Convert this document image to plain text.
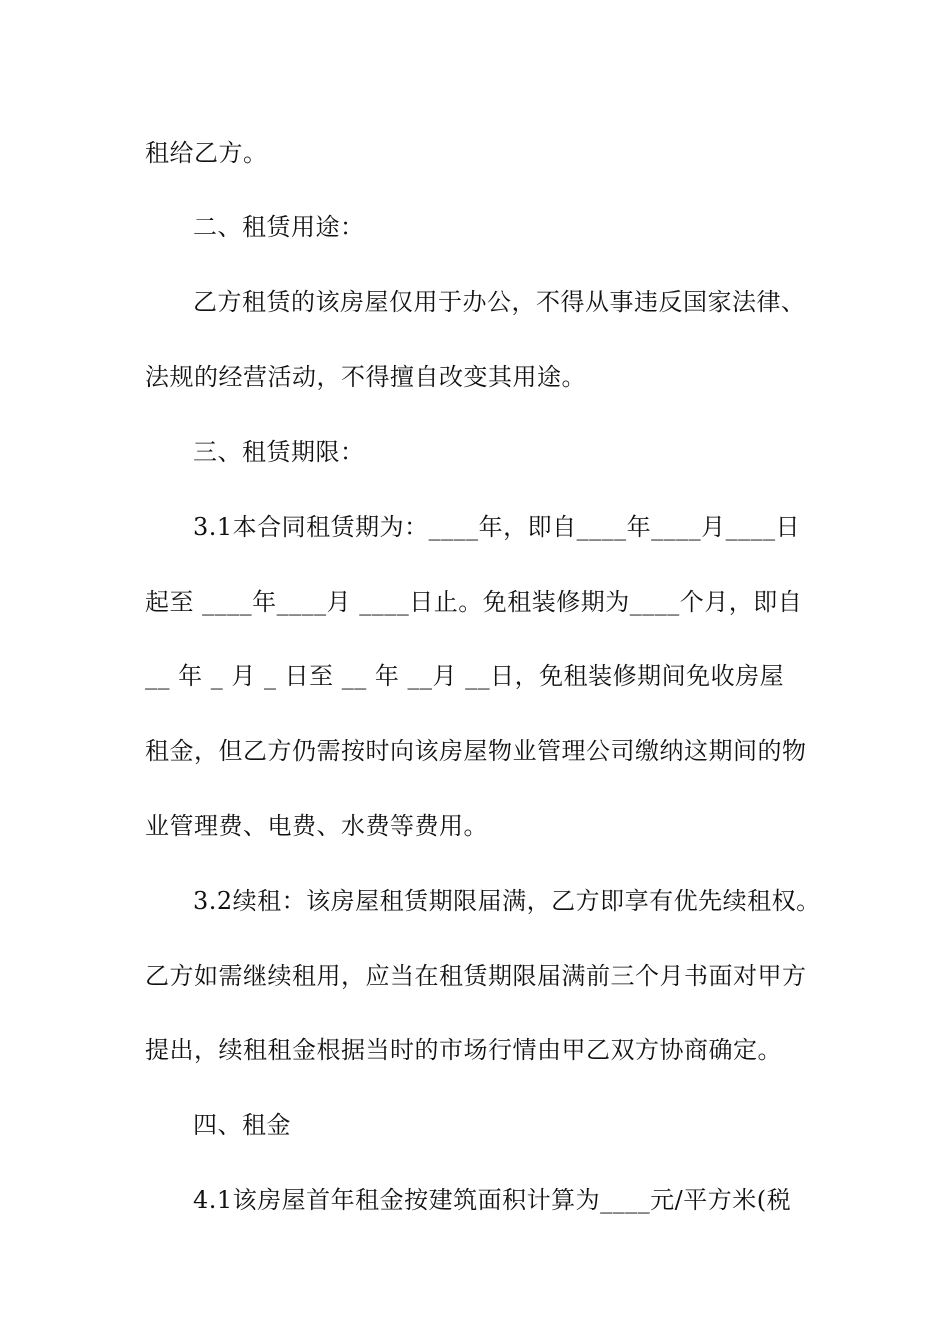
租给乙方。
二、租赁用途：
乙方租赁的该房屋仅用于办公，不得从事违反国家法律、
法规的经营活动，不得擅自改变其用途。
三、租赁期限：
3.1本合同租赁期为：____年，即自____年____月____日
起至 ____年____月 ____日止。免租装修期为____个月，即自
__ 年 _ 月 _ 日至 __ 年 __月 __日，免租装修期间免收房屋
租金，但乙方仍需按时向该房屋物业管理公司缴纳这期间的物
业管理费、电费、水费等费用。
3.2续租：该房屋租赁期限届满，乙方即享有优先续租权。
乙方如需继续租用，应当在租赁期限届满前三个月书面对甲方
提出，续租租金根据当时的市场行情由甲乙双方协商确定。
四、租金
4.1该房屋首年租金按建筑面积计算为____元/平方米(税
